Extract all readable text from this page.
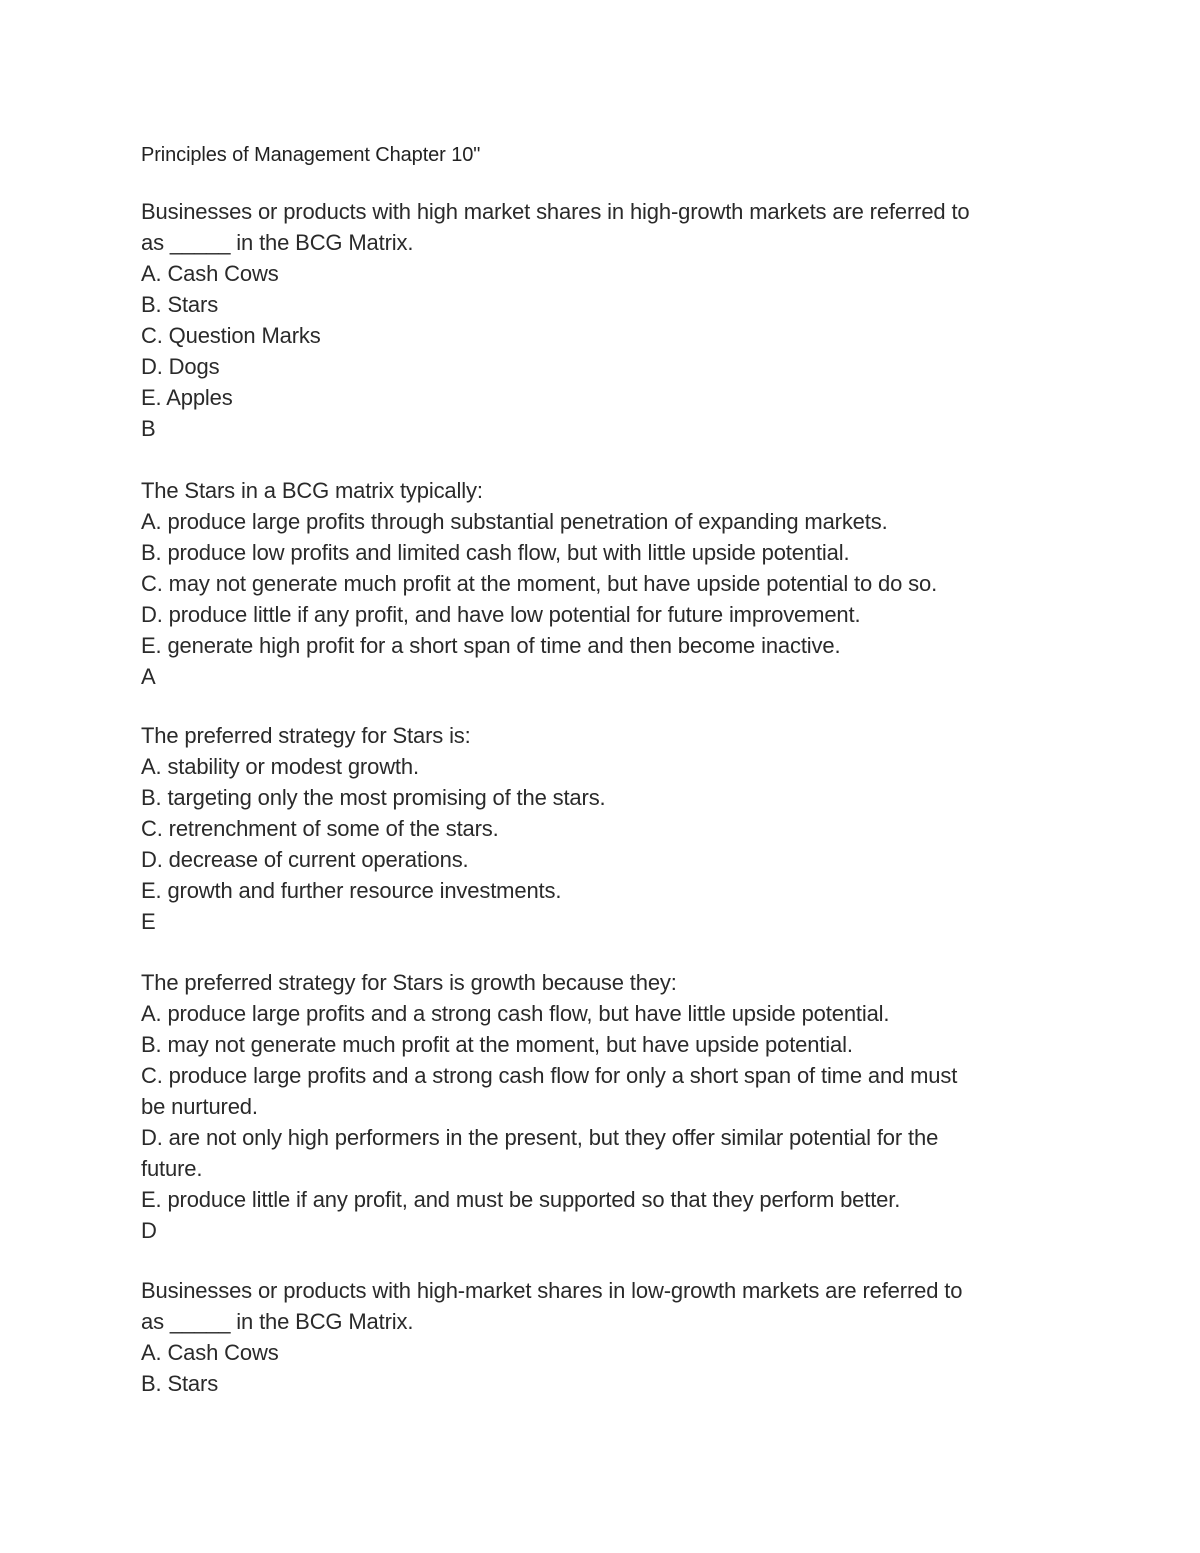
Principles of Management Chapter 10"
Businesses or products with high market shares in high-growth markets are referred to
as _____ in the BCG Matrix.
A. Cash Cows
B. Stars
C. Question Marks
D. Dogs
E. Apples
B
The Stars in a BCG matrix typically:
A. produce large profits through substantial penetration of expanding markets.
B. produce low profits and limited cash flow, but with little upside potential.
C. may not generate much profit at the moment, but have upside potential to do so.
D. produce little if any profit, and have low potential for future improvement.
E. generate high profit for a short span of time and then become inactive.
A
The preferred strategy for Stars is:
A. stability or modest growth.
B. targeting only the most promising of the stars.
C. retrenchment of some of the stars.
D. decrease of current operations.
E. growth and further resource investments.
E
The preferred strategy for Stars is growth because they:
A. produce large profits and a strong cash flow, but have little upside potential.
B. may not generate much profit at the moment, but have upside potential.
C. produce large profits and a strong cash flow for only a short span of time and must
be nurtured.
D. are not only high performers in the present, but they offer similar potential for the
future.
E. produce little if any profit, and must be supported so that they perform better.
D
Businesses or products with high-market shares in low-growth markets are referred to
as _____ in the BCG Matrix.
A. Cash Cows
B. Stars
